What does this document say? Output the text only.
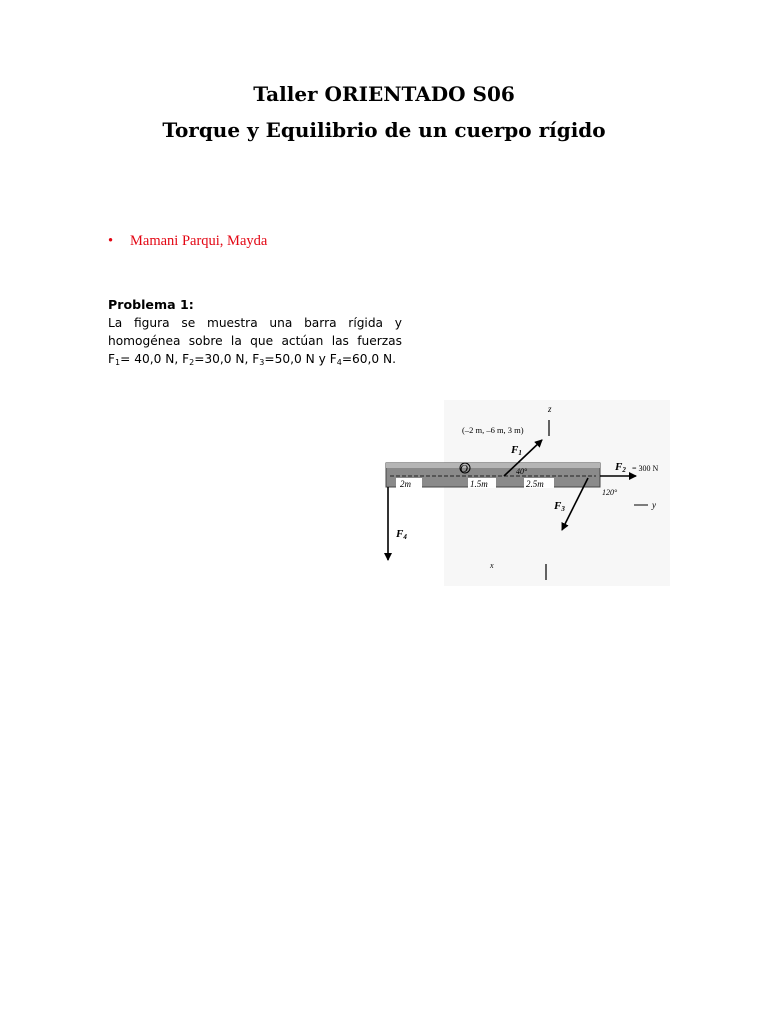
Taller ORIENTADO S06
Torque y Equilibrio de un cuerpo rígido
• Mamani Parqui, Mayda
Problema 1:
La figura se muestra una barra rígida y
homogénea sobre la que actúan las fuerzas
$F_1= 40,0$ N, $F_2=30,0$ N, $F_3=50,0$ N y $F_4=60,0$ N.
2m	1.5m	2.5m
O
z
y
x
(–2 m, –6 m, 3 m)
F1
40°	F2 = 300 N
F3
120°
F4
